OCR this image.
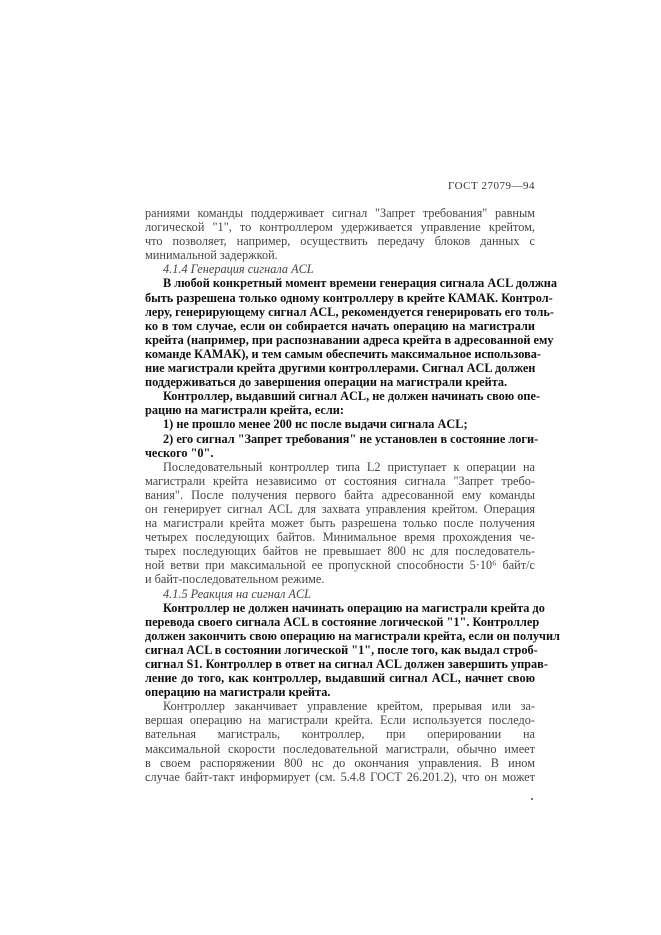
ГОСТ 27079—94
раниями команды поддерживает сигнал "Запрет требования" равным
логической "1", то контроллером удерживается управление крейтом,
что позволяет, например, осуществить передачу блоков данных с
минимальной задержкой.
4.1.4 Генерация сигнала ACL
В любой конкретный момент времени генерация сигнала ACL должна
быть разрешена только одному контроллеру в крейте КАМАК. Контрол-
леру, генерирующему сигнал ACL, рекомендуется генерировать его толь-
ко в том случае, если он собирается начать операцию на магистрали
крейта (например, при распознавании адреса крейта в адресованной ему
команде КАМАК), и тем самым обеспечить максимальное использова-
ние магистрали крейта другими контроллерами. Сигнал ACL должен
поддерживаться до завершения операции на магистрали крейта.
Контроллер, выдавший сигнал ACL, не должен начинать свою опе-
рацию на магистрали крейта, если:
1) не прошло менее 200 нс после выдачи сигнала ACL;
2) его сигнал "Запрет требования" не установлен в состояние логи-
ческого "0".
Последовательный контроллер типа L2 приступает к операции на
магистрали крейта независимо от состояния сигнала "Запрет требо-
вания". После получения первого байта адресованной ему команды
он генерирует сигнал ACL для захвата управления крейтом. Операция
на магистрали крейта может быть разрешена только после получения
четырех последующих байтов. Минимальное время прохождения че-
тырех последующих байтов не превышает 800 нс для последователь-
ной ветви при максимальной ее пропускной способности 5·10⁶ байт/с
и байт-последовательном режиме.
4.1.5 Реакция на сигнал ACL
Контроллер не должен начинать операцию на магистрали крейта до
перевода своего сигнала ACL в состояние логической "1". Контроллер
должен закончить свою операцию на магистрали крейта, если он получил
сигнал ACL в состоянии логической "1", после того, как выдал строб-
сигнал S1. Контроллер в ответ на сигнал ACL должен завершить управ-
ление до того, как контроллер, выдавший сигнал ACL, начнет свою
операцию на магистрали крейта.
Контроллер заканчивает управление крейтом, прерывая или за-
вершая операцию на магистрали крейта. Если используется последо-
вательная магистраль, контроллер, при оперировании на
максимальной скорости последовательной магистрали, обычно имеет
в своем распоряжении 800 нс до окончания управления. В ином
случае байт-такт информирует (см. 5.4.8 ГОСТ 26.201.2), что он может
